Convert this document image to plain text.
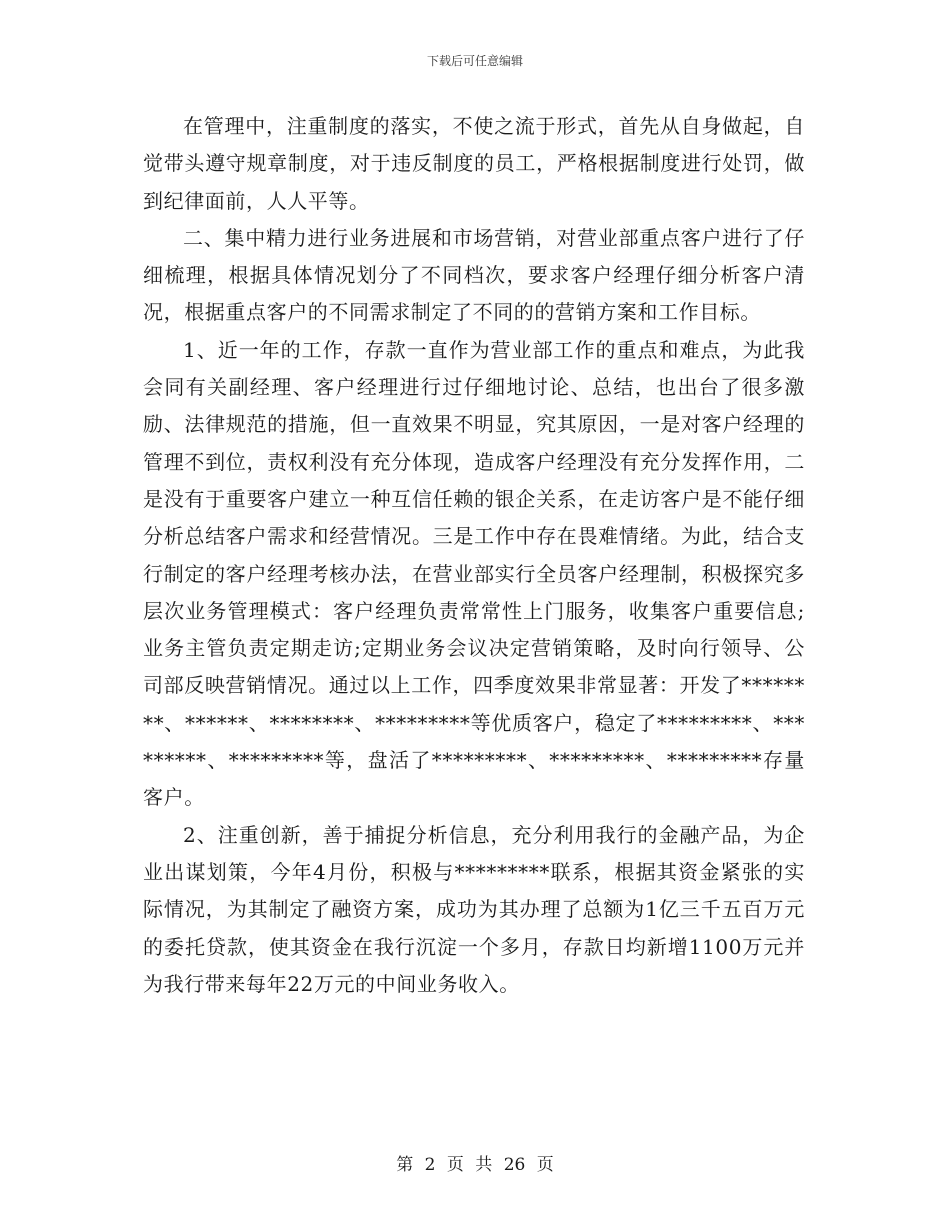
下载后可任意编辑

在管理中，注重制度的落实，不使之流于形式，首先从自身做起，自觉带头遵守规章制度，对于违反制度的员工，严格根据制度进行处罚，做到纪律面前，人人平等。

二、集中精力进行业务进展和市场营销，对营业部重点客户进行了仔细梳理，根据具体情况划分了不同档次，要求客户经理仔细分析客户清况，根据重点客户的不同需求制定了不同的的营销方案和工作目标。

1、近一年的工作，存款一直作为营业部工作的重点和难点，为此我会同有关副经理、客户经理进行过仔细地讨论、总结，也出台了很多激励、法律规范的措施，但一直效果不明显，究其原因，一是对客户经理的管理不到位，责权利没有充分体现，造成客户经理没有充分发挥作用，二是没有于重要客户建立一种互信任赖的银企关系，在走访客户是不能仔细分析总结客户需求和经营情况。三是工作中存在畏难情绪。为此，结合支行制定的客户经理考核办法，在营业部实行全员客户经理制，积极探究多层次业务管理模式：客户经理负责常常性上门服务，收集客户重要信息;业务主管负责定期走访;定期业务会议决定营销策略，及时向行领导、公司部反映营销情况。通过以上工作，四季度效果非常显著：开发了********、******、********、*********等优质客户，稳定了*********、*********、*********等，盘活了*********、*********、*********存量客户。

2、注重创新，善于捕捉分析信息，充分利用我行的金融产品，为企业出谋划策，今年4月份，积极与*********联系，根据其资金紧张的实际情况，为其制定了融资方案，成功为其办理了总额为1亿三千五百万元的委托贷款，使其资金在我行沉淀一个多月，存款日均新增1100万元并为我行带来每年22万元的中间业务收入。

第 2 页 共 26 页
